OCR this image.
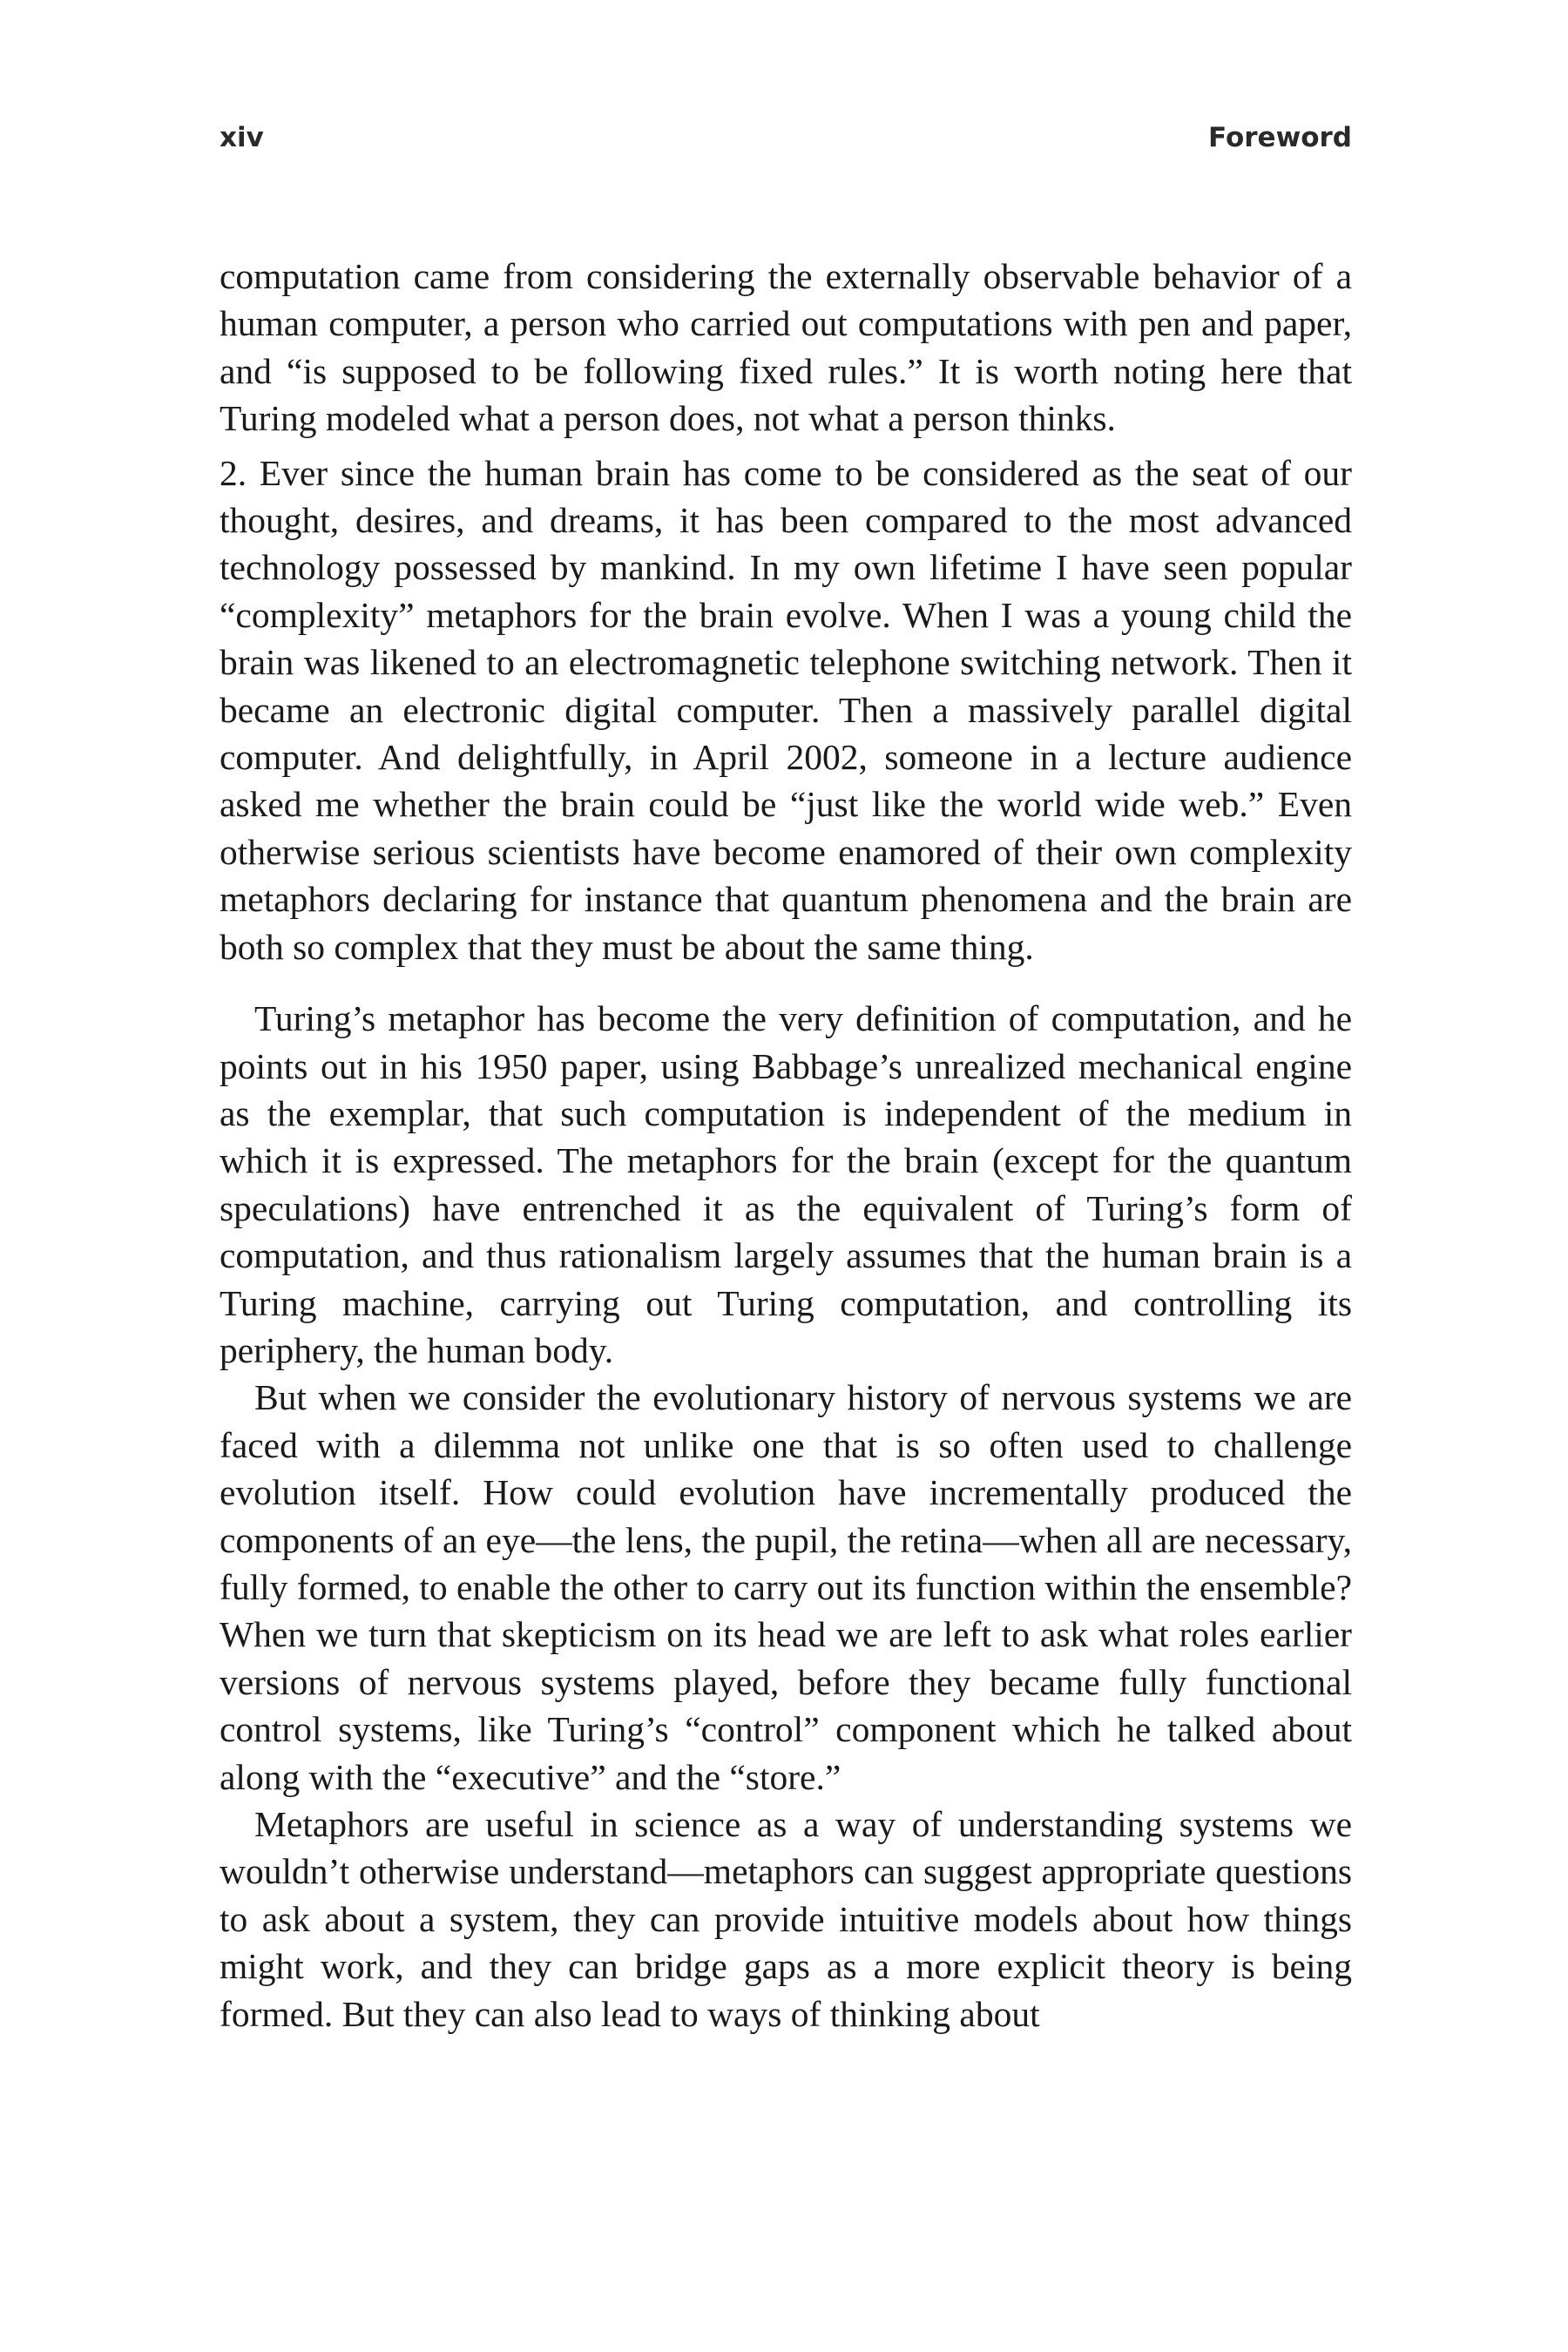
xiv	Foreword

computation came from considering the externally observable behavior of a human computer, a person who carried out computations with pen and paper, and “is supposed to be following fixed rules.” It is worth noting here that Turing modeled what a person does, not what a person thinks.

2. Ever since the human brain has come to be considered as the seat of our thought, desires, and dreams, it has been compared to the most advanced technology possessed by mankind. In my own lifetime I have seen popular “complexity” metaphors for the brain evolve. When I was a young child the brain was likened to an electromagnetic telephone switching network. Then it became an electronic digital computer. Then a massively parallel digital computer. And delightfully, in April 2002, someone in a lecture audience asked me whether the brain could be “just like the world wide web.” Even otherwise serious scientists have become enamored of their own complexity metaphors declaring for instance that quantum phenomena and the brain are both so complex that they must be about the same thing.

Turing’s metaphor has become the very definition of computation, and he points out in his 1950 paper, using Babbage’s unrealized mechanical engine as the exemplar, that such computation is independent of the medium in which it is expressed. The metaphors for the brain (except for the quantum speculations) have entrenched it as the equivalent of Turing’s form of computation, and thus rationalism largely assumes that the human brain is a Turing machine, carrying out Turing computation, and controlling its periphery, the human body.

But when we consider the evolutionary history of nervous systems we are faced with a dilemma not unlike one that is so often used to challenge evolution itself. How could evolution have incrementally produced the components of an eye—the lens, the pupil, the retina—when all are necessary, fully formed, to enable the other to carry out its function within the ensemble? When we turn that skepticism on its head we are left to ask what roles earlier versions of nervous systems played, before they became fully functional control systems, like Turing’s “control” component which he talked about along with the “executive” and the “store.”

Metaphors are useful in science as a way of understanding systems we wouldn’t otherwise understand—metaphors can suggest appropriate questions to ask about a system, they can provide intuitive models about how things might work, and they can bridge gaps as a more explicit theory is being formed. But they can also lead to ways of thinking about
